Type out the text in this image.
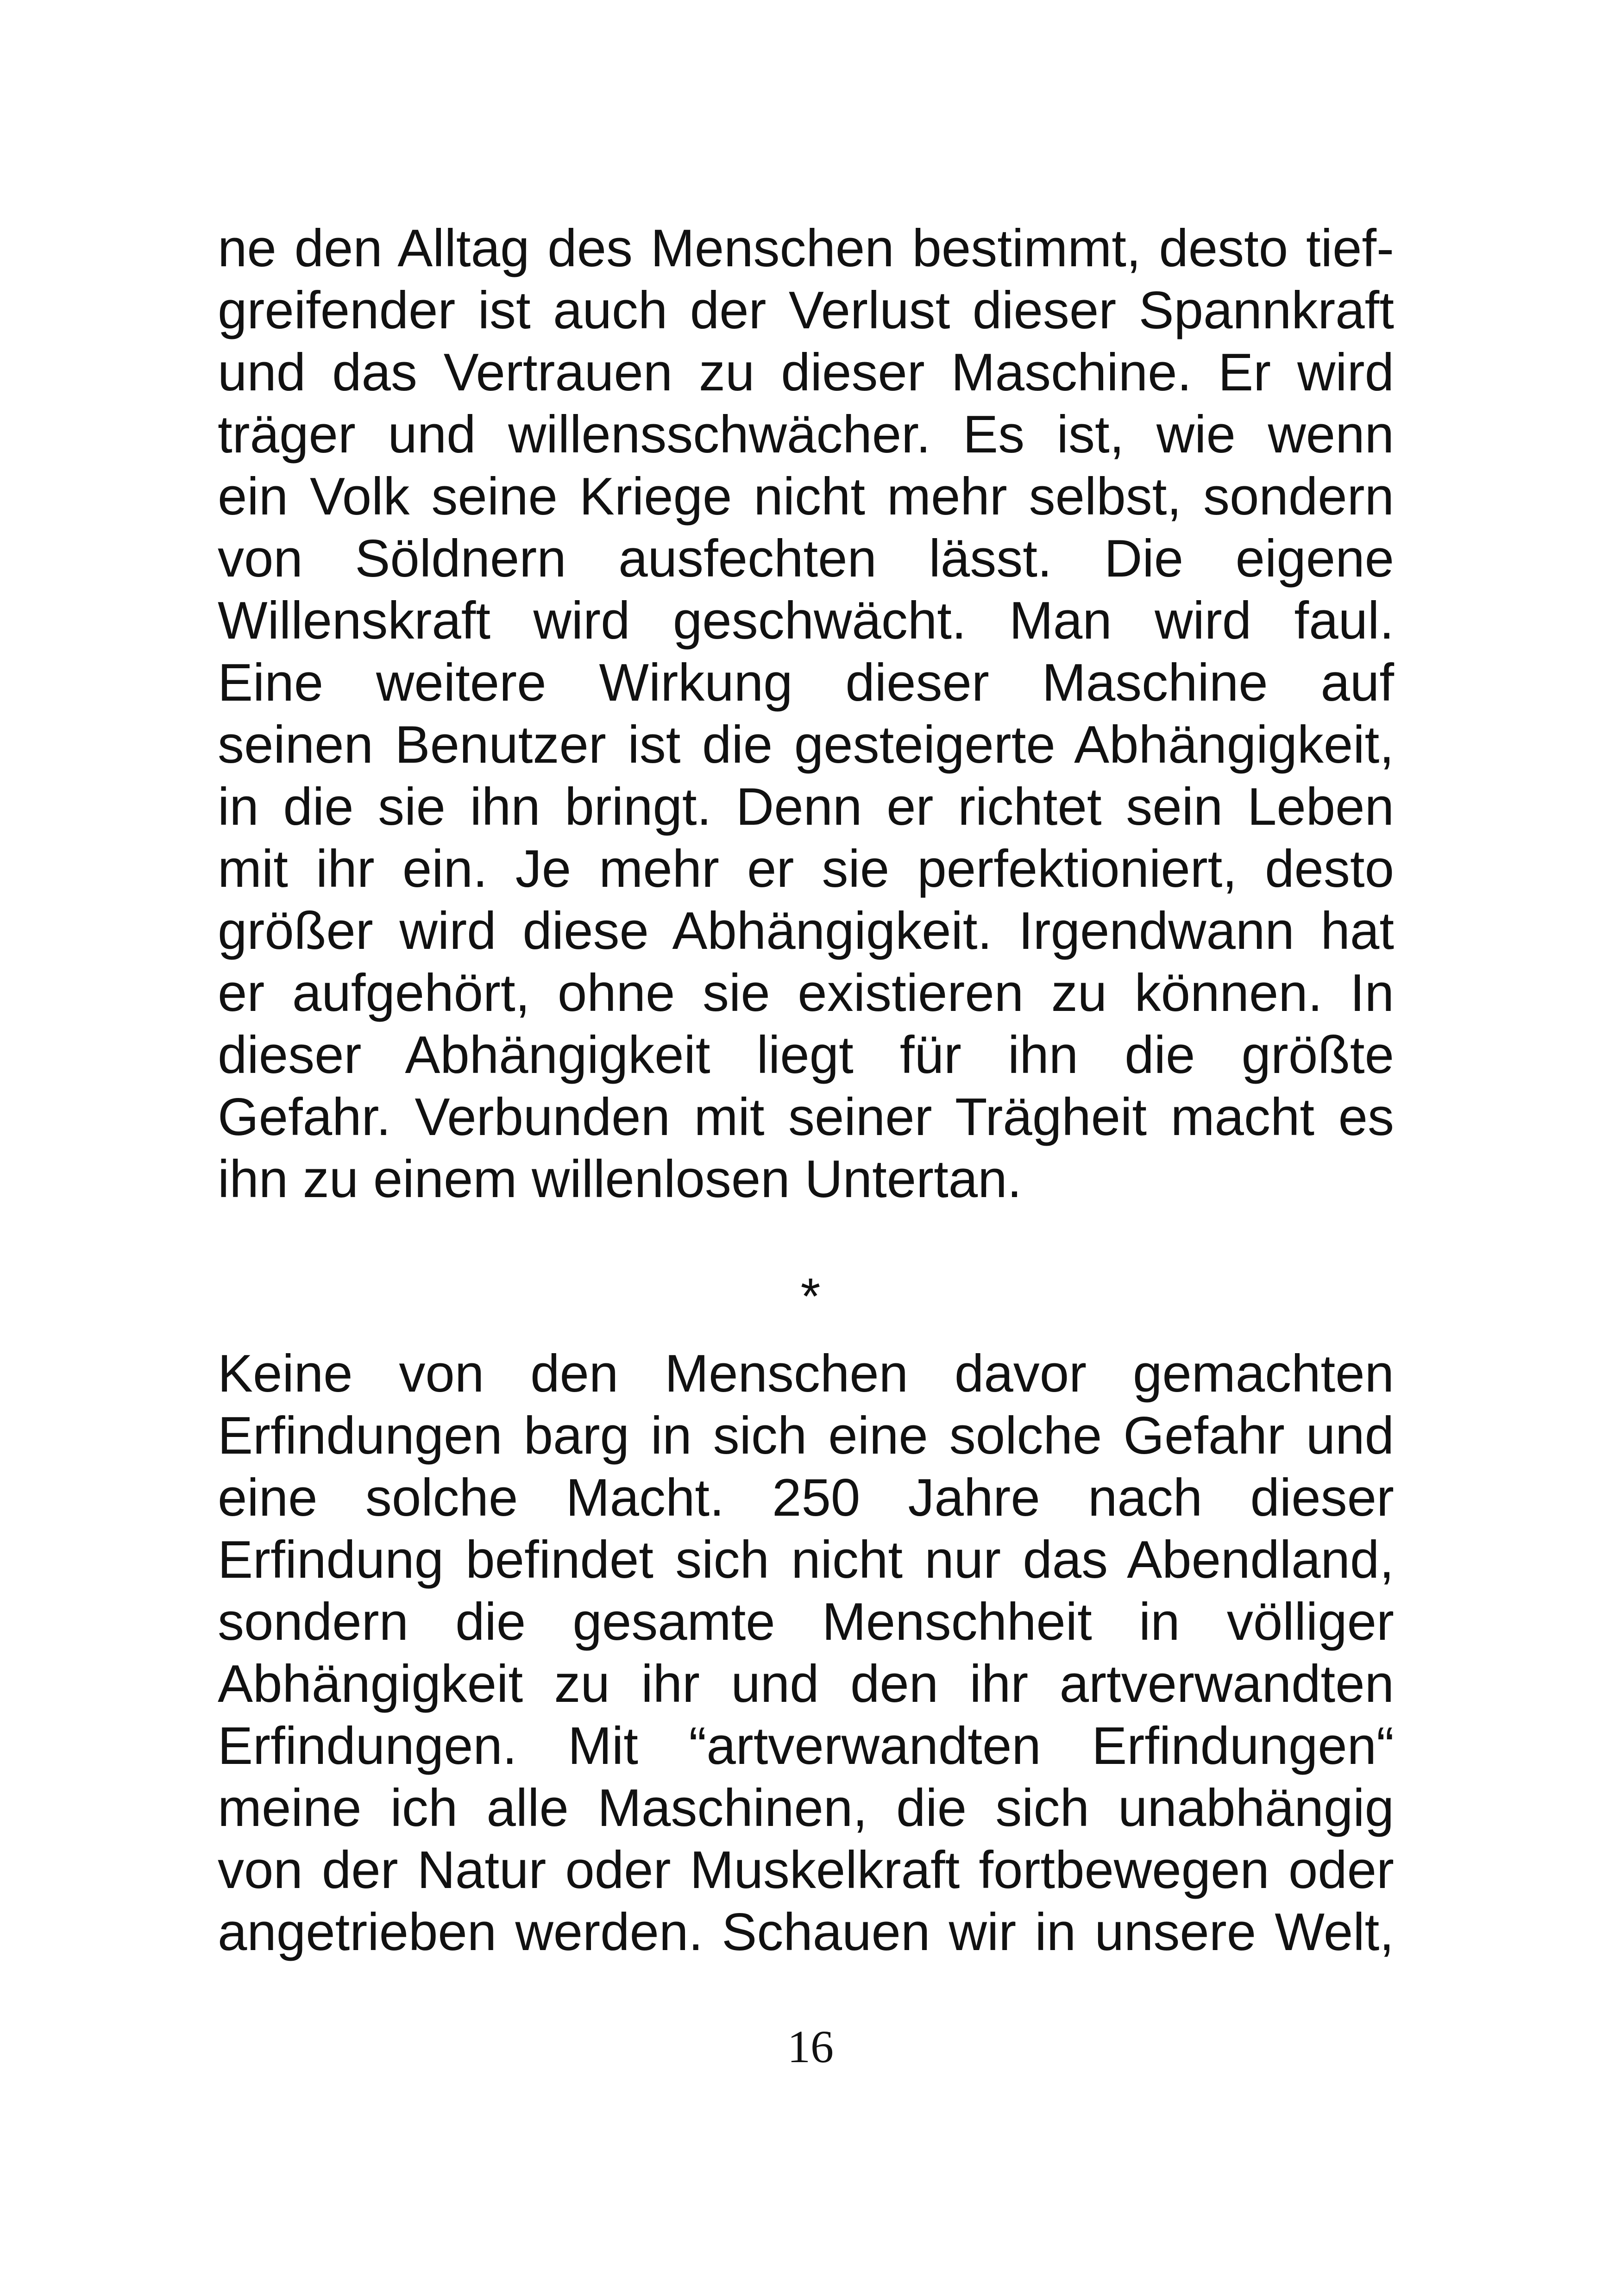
ne den Alltag des Menschen bestimmt, desto tief-
greifender ist auch der Verlust dieser Spannkraft
und das Vertrauen zu dieser Maschine. Er wird
träger und willensschwächer. Es ist, wie wenn
ein Volk seine Kriege nicht mehr selbst, sondern
von Söldnern ausfechten lässt. Die eigene
Willenskraft wird geschwächt. Man wird faul.
Eine weitere Wirkung dieser Maschine auf
seinen Benutzer ist die gesteigerte Abhängigkeit,
in die sie ihn bringt. Denn er richtet sein Leben
mit ihr ein. Je mehr er sie perfektioniert, desto
größer wird diese Abhängigkeit. Irgendwann hat
er aufgehört, ohne sie existieren zu können. In
dieser Abhängigkeit liegt für ihn die größte
Gefahr. Verbunden mit seiner Trägheit macht es
ihn zu einem willenlosen Untertan.
*
Keine von den Menschen davor gemachten
Erfindungen barg in sich eine solche Gefahr und
eine solche Macht. 250 Jahre nach dieser
Erfindung befindet sich nicht nur das Abendland,
sondern die gesamte Menschheit in völliger
Abhängigkeit zu ihr und den ihr artverwandten
Erfindungen. Mit “artverwandten Erfindungen“
meine ich alle Maschinen, die sich unabhängig
von der Natur oder Muskelkraft fortbewegen oder
angetrieben werden. Schauen wir in unsere Welt,
16
